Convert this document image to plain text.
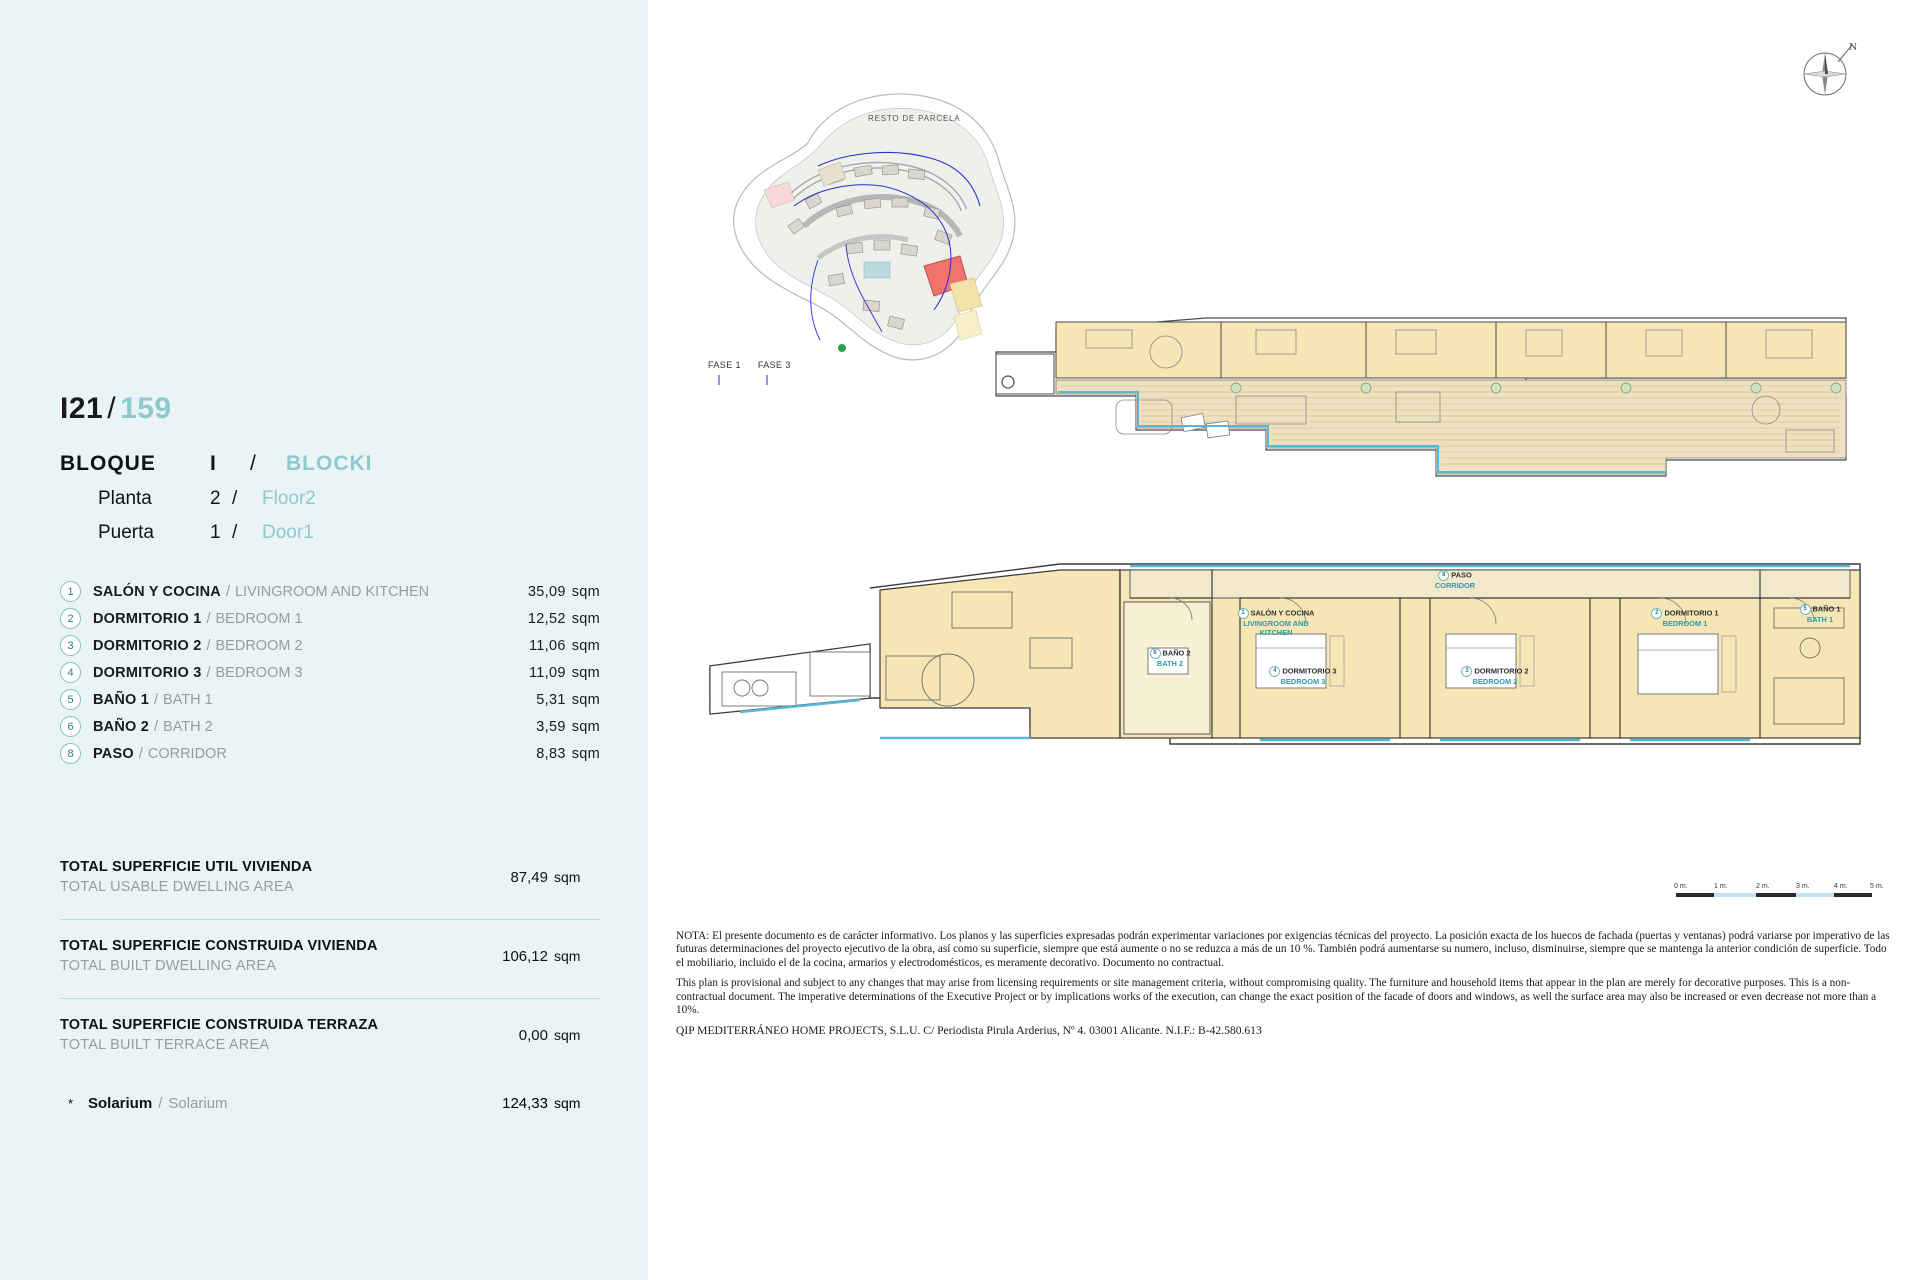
I21 / 159
BLOQUE	I	/	BLOCK I
Planta	2 /	Floor 2
Puerta	1 /	Door 1
1	SALÓN Y COCINA / LIVINGROOM AND KITCHEN	35,09 sqm
2	DORMITORIO 1 / BEDROOM 1	12,52 sqm
3	DORMITORIO 2 / BEDROOM 2	11,06 sqm
4	DORMITORIO 3 / BEDROOM 3	11,09 sqm
5	BAÑO 1 / BATH 1	5,31 sqm
6	BAÑO 2 / BATH 2	3,59 sqm
8	PASO / CORRIDOR	8,83 sqm
TOTAL SUPERFICIE UTIL VIVIENDA
TOTAL USABLE DWELLING AREA
87,49 sqm
TOTAL SUPERFICIE CONSTRUIDA VIVIENDA
TOTAL BUILT DWELLING AREA
106,12 sqm
TOTAL SUPERFICIE CONSTRUIDA TERRAZA
TOTAL BUILT TERRACE AREA
0,00 sqm
* Solarium / Solarium	124,33 sqm
N
RESTO DE PARCELA
FASE 1 FASE 3
1 SALÓN Y COCINA
LIVINGROOM AND
KITCHEN
6 BAÑO 2
BATH 2
4 DORMITORIO 3
BEDROOM 3
3 DORMITORIO 2
BEDROOM 2
2 DORMITORIO 1
BEDROOM 1
5 BAÑO 1
BATH 1
8 PASO
CORRIDOR
0 m.	1 m.	2 m.	3 m.	4 m.	5 m.

NOTA: El presente documento es de carácter informativo. Los planos y las superficies expresadas podrán experimentar variaciones por exigencias técnicas del proyecto. La posición exacta de los huecos de fachada (puertas y ventanas) podrá variarse por imperativo de las futuras determinaciones del proyecto ejecutivo de la obra, así como su superficie, siempre que está aumente o no se reduzca a más de un 10 %. También podrá aumentarse su numero, incluso, disminuirse, siempre que se mantenga la anterior condición de superficie. Todo el mobiliario, incluido el de la cocina, armarios y electrodomésticos, es meramente decorativo. Documento no contractual.

This plan is provisional and subject to any changes that may arise from licensing requirements or site management criteria, without compromising quality. The furniture and household items that appear in the plan are merely for decorative purposes. This is a non-contractual document. The imperative determinations of the Executive Project or by implications works of the execution, can change the exact position of the facade of doors and windows, as well the surface area may also be increased or even decrease not more than a 10%.

QIP MEDITERRÁNEO HOME PROJECTS, S.L.U. C/ Periodista Pirula Arderius, Nº 4. 03001 Alicante. N.I.F.: B-42.580.613
